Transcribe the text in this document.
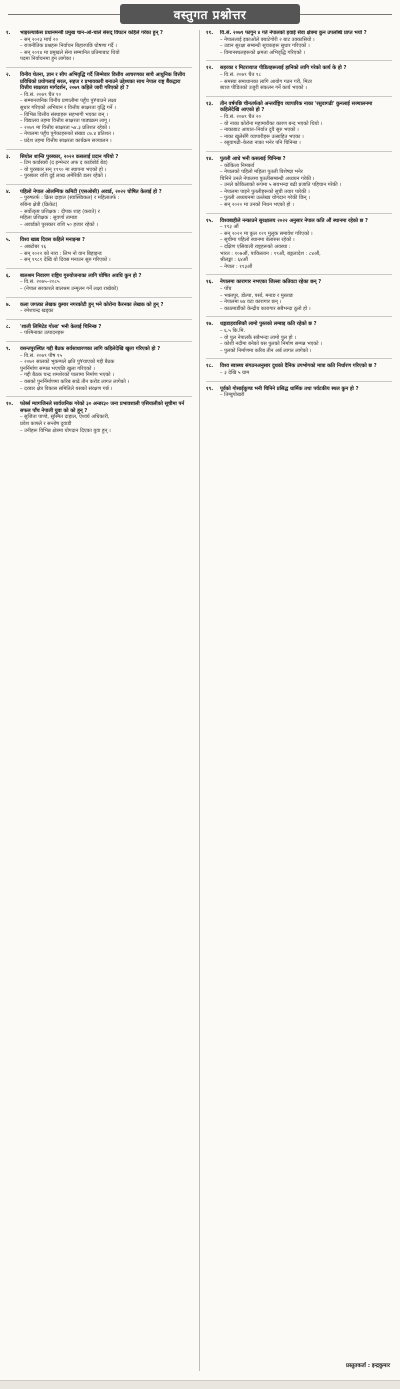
वस्तुगत प्रश्नोत्तर
१.	भाइरल्याकेस प्रधानमन्त्री प्रमुख चान-ओ-चाले संसद् विघटन कहिले गरेका हुन् ?
– सन् २०२३ मार्च २०
– राजनीतिक प्रश्नहरू निर्वाचन बिहारपछि घोषणा गर्दै ।
– सन् २०१४ मा प्रमुखले सेना सम्मानित प्रतिमाबाट थियो
पदमा निर्वाचनमा हुन लागेका ।
२.	विनीय चेतना, ज्ञान र सीप अभिवृद्धि गर्दै जिम्मेवार वित्तीय आचरणका साथै आधुनिक वित्तीय प्रविधिको प्रयोगलाई सरल, सहज र प्रभावकारी बनाउने उद्देश्यका साथ नेपाल राष्ट्र बैंकद्वारा वित्तीय साक्षरता मार्गदर्शन, २०७९ कहिले जारी गरिएको हो ?
– वि.सं. २०७९ चैत १०
– सम्मानजनिक विनीय प्रणालीमा पहुँच पु¥याउने लक्ष्य
सुधार गरिएको अभियान र वित्तीय साक्षरता वृद्धि गर्ने ।
– विभिन्न वित्तीय संस्थाहरू सहभागी भएका छन् ।
– विद्यालय तहमा वित्तीय साक्षरता पाठ्यक्रम लागू ।
– २०७९ मा वित्तीय साक्षरता ५४.३ प्रतिशत रहेको ।
– नेपालमा पहुँच पुगेकाहरूको संख्या ८७.४ प्रतिशत ।
– प्रदेश तहमा वित्तीय साक्षरता कार्यक्रम सञ्चालन ।
३.	सियोल शान्ति पुरस्कार, २०२२ कसलाई प्रदान गरियो ?
– टिम कार्डस्क्वे (द इन्भेन्टर अफ द कार्डबोर्ड बेड)
– यो पुरस्कार सन् १९९० मा स्थापना भएको हो ।
– पुरस्कार राशि दुई लाख अमेरिकी डलर रहेको ।
४.	पहिलो नेपाल ओलम्पिक कमिटी (एसओसी) अवार्ड, २०२२ घोषित केलाई हो ?
– पुरुषतर्फ : क्रिस दाहाल (स्वास्थ्यिकल) र महिलातर्फ :
रुबिना क्षेत्री (क्रिकेट)
– सर्वोत्कृष्ट प्रशिक्षक : दीपक शाह (कराते) र
महिला प्रशिक्षक : सुवर्णा तामाङ
– अवार्डको पुरस्कार राशि ५० हजार रहेको ।
५.	विश्व खाद्य दिवस कहिले मनाइन्छ ?
– अक्टोबर १६
– सन् २०२२ को नारा : लिभ नो वान बिहाइन्ड
– सन् १९८१ देखि यो दिवस मनाउन सुरु गरिएको ।
६.	बालश्रम निवारण राष्ट्रिय गुरुयोजनाका लागि घोषित अवधि कुन हो ?
– वि.सं. २०७५–२०८५
– (नेपाल सरकारले बालश्रम उन्मूलन गर्ने लक्ष्य राखेको)
७.	कला जगत्का लेखक कुमार नगरकोटी हुन् भने कोरोना कैरनका लेखक को हुन् ?
– रमेशचन्द्र खड्का
८.	'शाली लिमिटेड गोल्ड' भनी केलाई चिनिन्छ ?
– पश्मिनाका उत्पादनहरू
९.	वसन्तपुरस्थित गद्दी बैठक सर्वसाधारणका लागि कहिलेदेखि खुला गरिएको हो ?
– वि.सं. २०७९ पौष १५
– २०७२ सालको भूकम्पले क्षति पु¥याएको गद्दी बैठक
पुनर्निर्माण सम्पन्न भएपछि खुला गरिएको ।
– गद्दी बैठक चन्द्र शमशेरको पालामा निर्माण भएको ।
– यसको पुनर्निर्माणमा करिब साढे तीन करोड लागत लागेको ।
– दरबार क्षेत्र विकास समितिले यसको संरक्षण गर्छ ।
१०.	फोर्ब्स म्यागजिनले सार्वजनिक गरेको ३० अन्डर३० जना प्रभावशाली एसियालीको सूचीमा पर्न सफल पाँच नेपाली युवा को को हुन् ?
– सुजिता पाण्डे, सुस्मित दाहाल, ऐश्वर्य अधिकारी,
प्रवेश काफ्ले र सन्तोष दुवाडी
– उनीहरू विभिन्न क्षेत्रमा योगदान दिएका युवा हुन् ।
११.	वि.सं. २०७९ फागुन ४ गते नेपालको हवाई सेवा क्षेत्रमा कुन उपलब्धि प्राप्त भयो ?
– नेपाललाई इकाओले क्याटेगोरी २ बाट उक्कासियो ।
– उडान सुरक्षा सम्बन्धी सूचकहरू सुधार गरिएको ।
– विमानस्थलहरूको क्षमता अभिवृद्धि गरिएको ।
१२.	सहरका र मिटरव्याज पीडितहरूलाई हानिको लागि गरेको कार्य के हो ?
– वि.सं. २०७९ चैत १८
– समस्या समाधानका लागि आयोग गठन गरी, मिटर
ब्याज पीडितको उजुरी संकलन गर्ने कार्य भएको ।
१३.	तीन वर्षपछि चीनतर्फको अन्तर्राष्ट्रिय व्यापारिक नाका 'रसुवागढी' कुनलाई सञ्चालनमा कहिलेदेखि आएको हो ?
– वि.सं. २०७९ चैत २०
– यो नाका कोरोना महामारीका कारण बन्द भएको थियो ।
– नाकाबाट आयात–निर्यात दुवै सुरु भएको ।
– नाका खुलेसँगै व्यापारीहरू उत्साहित भएका ।
– रसुवागढी–केरुङ नाका भनेर पनि चिनिन्छ ।
१४.	पुतली आधे भनी कसलाई चिनिन्छ ?
– कोकिला निमकर्व
– नेपालको पहिलो महिला पुतली विशेषज्ञ भनेर
चिनिने उनले नेपालमा पुतलीसम्बन्धी अध्ययन गरेकी ।
– उनले कोकिलाको रूपमा ५ सयभन्दा बढी प्रजाति पहिचान गरेकी ।
– नेपालमा पाइने पुतलीहरूको सूची तयार पारेकी ।
– पुतली अध्ययनमा उल्लेख्य योगदान गरेकी छिन् ।
– सन् २०२० मा उनको निधन भएको हो ।
१५.	विश्वबाहीले नन्काउने सुरक्षालय २०२२ अनुसार नेपाल कति औं स्थानमा रहेको छ ?
– ११३ औं
– सन् २०२२ मा कुल १२१ मुलुक समावेश गरिएको ।
– सूचीमा पहिलो स्थानमा बेलारुस रहेको ।
– दक्षिण एसियाली राष्ट्रहरूको अवस्था :
भारत : १०७औं, पाकिस्तान : ९९औं, बङ्गलादेश : ८४औं,
श्रीलङ्का : ६४औं
– नेपाल : ११३औं
१६.	नेपालमा कारागार नभएका जिल्ला कतिवटा रहेका छन् ?
– पाँच
– भक्तपुर, डोल्पा, पर्सा, मनाङ र मुस्ताङ
– नेपालमा ७४ वटा कारागार छन् ।
– काठमाडौंको केन्द्रीय कारागार सबैभन्दा ठूलो हो ।
१७.	धङ्गडाहवासिकौ लामो पुस्तको लम्बाइ कति रहेको छ ?
– ६.५ कि.मि.
– यो पुल नेपालकै सबैभन्दा लामो पुल हो ।
– कोशी नदीमा बनेको यस पुलको निर्माण सम्पन्न भएको ।
– पुलको निर्माणमा करिब तीन अर्ब लागत लागेको ।
१८.	विश्व स्वास्थ्य संगठनअनुसार दुधको दैनिक उपभोगको मात्रा कति निर्धारण गरिएको छ ?
– ३ देखि ५ ग्राम
१९.	पूर्वको गोसाईकुण्ड भनी चिनिने प्रसिद्ध धार्मिक तथा पर्यटकीय स्थल कुन हो ?
– तिम्बुपोखरी
प्रस्तुतकर्ता : इन्द्रकुमार
